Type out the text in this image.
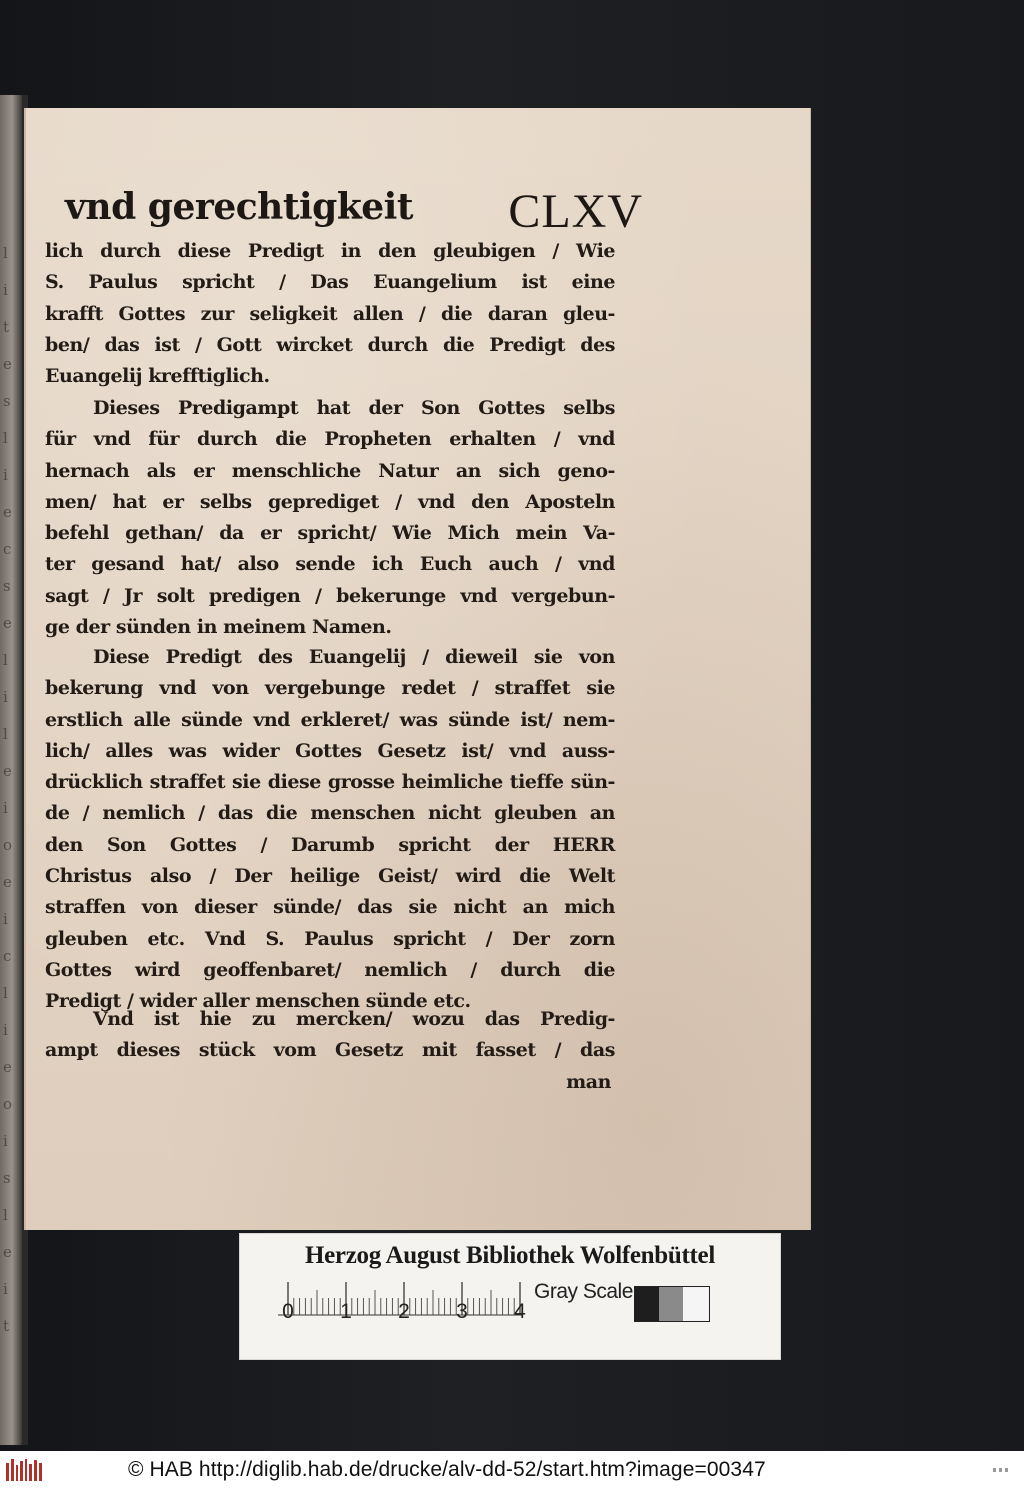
l
i
t
e
s
l
i
e
c
s
e
l
i
l
e
i
o
e
i
c
l
i
e
o
i
s
l
e
i
t
vnd gerechtigkeit CLXV
lich durch diese Predigt in den gleubigen / Wie
S. Paulus spricht / Das Euangelium ist eine
krafft Gottes zur seligkeit allen / die daran gleu-
ben/ das ist / Gott wircket durch die Predigt des
Euangelij krefftiglich.
Dieses Predigampt hat der Son Gottes selbs
für vnd für durch die Propheten erhalten / vnd
hernach als er menschliche Natur an sich geno-
men/ hat er selbs geprediget / vnd den Aposteln
befehl gethan/ da er spricht/ Wie Mich mein Va-
ter gesand hat/ also sende ich Euch auch / vnd
sagt / Jr solt predigen / bekerunge vnd vergebun-
ge der sünden in meinem Namen.
Diese Predigt des Euangelij / dieweil sie von
bekerung vnd von vergebunge redet / straffet sie
erstlich alle sünde vnd erkleret/ was sünde ist/ nem-
lich/ alles was wider Gottes Gesetz ist/ vnd auss-
drücklich straffet sie diese grosse heimliche tieffe sün-
de / nemlich / das die menschen nicht gleuben an
den Son Gottes / Darumb spricht der HERR
Christus also / Der heilige Geist/ wird die Welt
straffen von dieser sünde/ das sie nicht an mich
gleuben etc. Vnd S. Paulus spricht / Der zorn
Gottes wird geoffenbaret/ nemlich / durch die
Predigt / wider aller menschen sünde etc.
Vnd ist hie zu mercken/ wozu das Predig-
ampt dieses stück vom Gesetz mit fasset / das
man
Herzog August Bibliothek Wolfenbüttel
0 1 2 3 4
Gray Scale
© HAB http://diglib.hab.de/drucke/alv-dd-52/start.htm?image=00347
